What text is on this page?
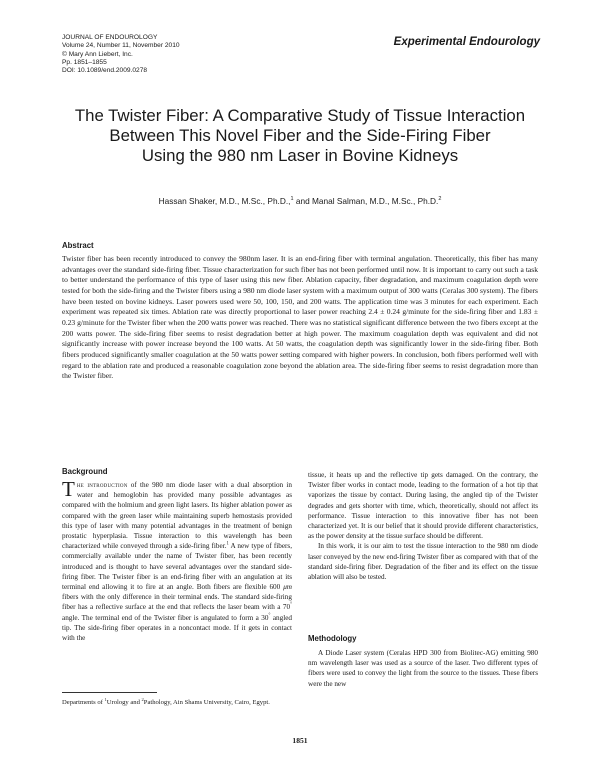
JOURNAL OF ENDOUROLOGY
Volume 24, Number 11, November 2010
© Mary Ann Liebert, Inc.
Pp. 1851–1855
DOI: 10.1089/end.2009.0278
Experimental Endourology
The Twister Fiber: A Comparative Study of Tissue Interaction
Between This Novel Fiber and the Side-Firing Fiber
Using the 980 nm Laser in Bovine Kidneys
Hassan Shaker, M.D., M.Sc., Ph.D.,$^1$ and Manal Salman, M.D., M.Sc., Ph.D.$^2$
Abstract
Twister fiber has been recently introduced to convey the 980nm laser. It is an end-firing fiber with terminal angulation. Theoretically, this fiber has many advantages over the standard side-firing fiber. Tissue characterization for such fiber has not been performed until now. It is important to carry out such a task to better understand the performance of this type of laser using this new fiber. Ablation capacity, fiber degradation, and maximum coagulation depth were tested for both the side-firing and the Twister fibers using a 980 nm diode laser system with a maximum output of 300 watts (Ceralas 300 system). The fibers have been tested on bovine kidneys. Laser powers used were 50, 100, 150, and 200 watts. The application time was 3 minutes for each experiment. Each experiment was repeated six times. Ablation rate was directly proportional to laser power reaching 2.4 ± 0.24 g/minute for the side-firing fiber and 1.83 ± 0.23 g/minute for the Twister fiber when the 200 watts power was reached. There was no statistical significant difference between the two fibers except at the 200 watts power. The side-firing fiber seems to resist degradation better at high power. The maximum coagulation depth was equivalent and did not significantly increase with power increase beyond the 100 watts. At 50 watts, the coagulation depth was significantly lower in the side-firing fiber. Both fibers produced significantly smaller coagulation at the 50 watts power setting compared with higher powers. In conclusion, both fibers performed well with regard to the ablation rate and produced a reasonable coagulation zone beyond the ablation area. The side-firing fiber seems to resist degradation more than the Twister fiber.
Background

The introduction of the 980 nm diode laser with a dual absorption in water and hemoglobin has provided many possible advantages as compared with the holmium and green light lasers. Its higher ablation power as compared with the green laser while maintaining superb hemostasis provided this type of laser with many potential advantages in the treatment of benign prostatic hyperplasia. Tissue interaction to this wavelength has been characterized while conveyed through a side-firing fiber.$^1$ A new type of fibers, commercially available under the name of Twister fiber, has been recently introduced and is thought to have several advantages over the standard side-firing fiber. The Twister fiber is an end-firing fiber with an angulation at its terminal end allowing it to fire at an angle. Both fibers are flexible 600 μm fibers with the only difference in their terminal ends. The standard side-firing fiber has a reflective surface at the end that reflects the laser beam with a 70° angle. The terminal end of the Twister fiber is angulated to form a 30° angled tip. The side-firing fiber operates in a noncontact mode. If it gets in contact with the

tissue, it heats up and the reflective tip gets damaged. On the contrary, the Twister fiber works in contact mode, leading to the formation of a hot tip that vaporizes the tissue by contact. During lasing, the angled tip of the Twister degrades and gets shorter with time, which, theoretically, should not affect its performance. Tissue interaction to this innovative fiber has not been characterized yet. It is our belief that it should provide different characteristics, as the power density at the tissue surface should be different.

In this work, it is our aim to test the tissue interaction to the 980 nm diode laser conveyed by the new end-firing Twister fiber as compared with that of the standard side-firing fiber. Degradation of the fiber and its effect on the tissue ablation will also be tested.

Methodology

A Diode Laser system (Ceralas HPD 300 from Biolitec-AG) emitting 980 nm wavelength laser was used as a source of the laser. Two different types of fibers were used to convey the light from the source to the tissues. These fibers were the new

Departments of $^1$Urology and $^2$Pathology, Ain Shams University, Cairo, Egypt.
1851
